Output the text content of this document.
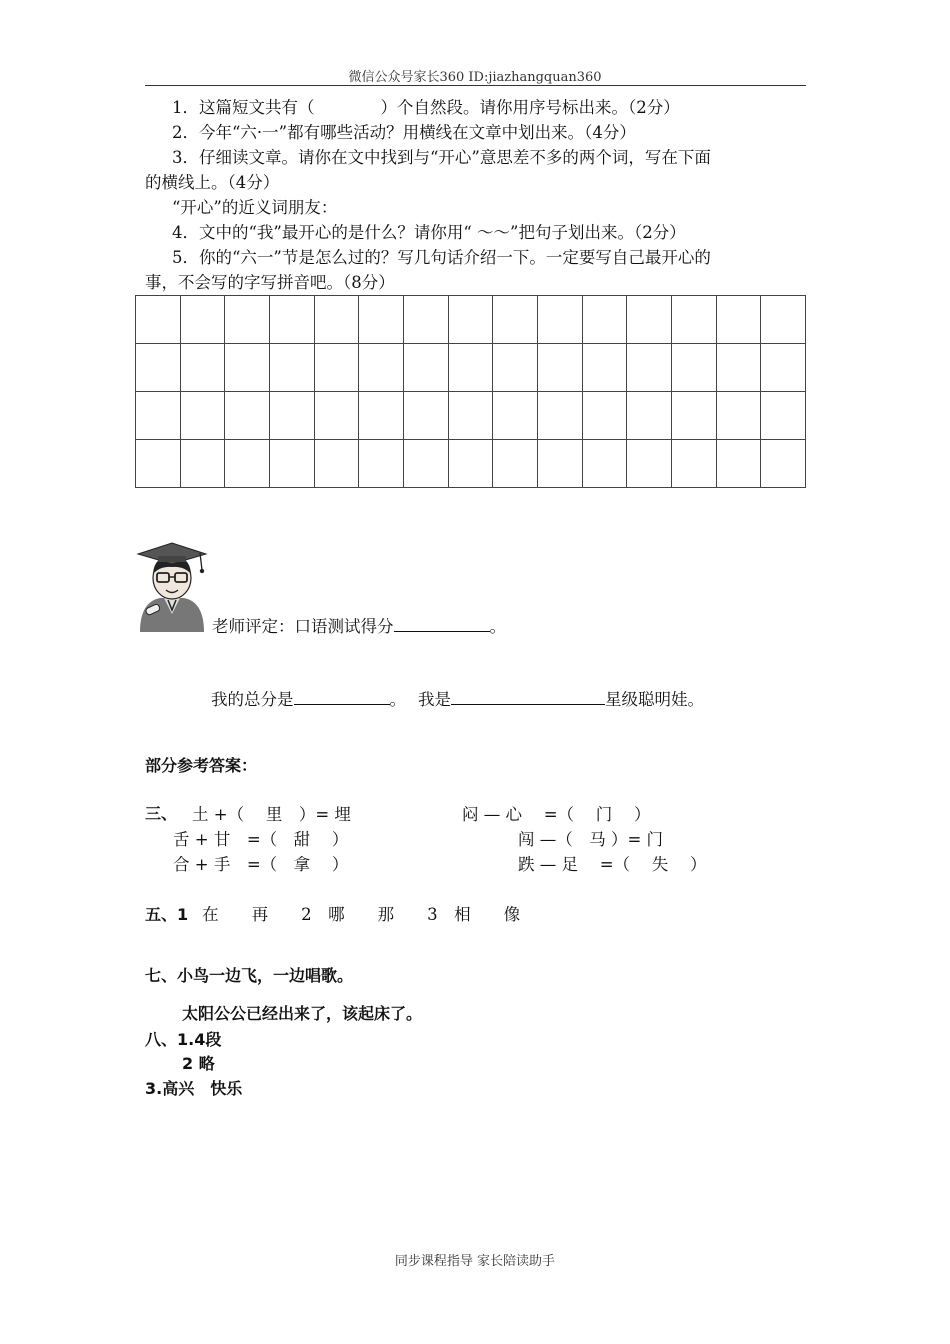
微信公众号家长360 ID:jiazhangquan360
1．这篇短文共有（　　　　）个自然段。请你用序号标出来。（2分）
2．今年“六·一”都有哪些活动？用横线在文章中划出来。（4分）
3．仔细读文章。请你在文中找到与“开心”意思差不多的两个词，写在下面
的横线上。（4分）
“开心”的近义词朋友：
4．文中的“我”最开心的是什么？请你用“ ～～”把句子划出来。（2分）
5．你的“六一”节是怎么过的？写几句话介绍一下。一定要写自己最开心的
事，不会写的字写拼音吧。（8分）

老师评定：口语测试得分	。
我的总分是	。 我是	星级聪明娃。
部分参考答案：
三、 土 +（　 里　）= 埋	闷 — 心　 =（　 门　 ）
舌 + 甘　=（　甜　 ）	闯 —（　马 ）= 门
合 + 手　=（　拿　 ）	跌 — 足　 =（　 失　 ）
五、1 在　　再　　2　哪　　那　　3　相　　像
七、小鸟一边飞，一边唱歌。
太阳公公已经出来了，该起床了。
八、1.4段
2 略
3.高兴　快乐
同步课程指导 家长陪读助手
